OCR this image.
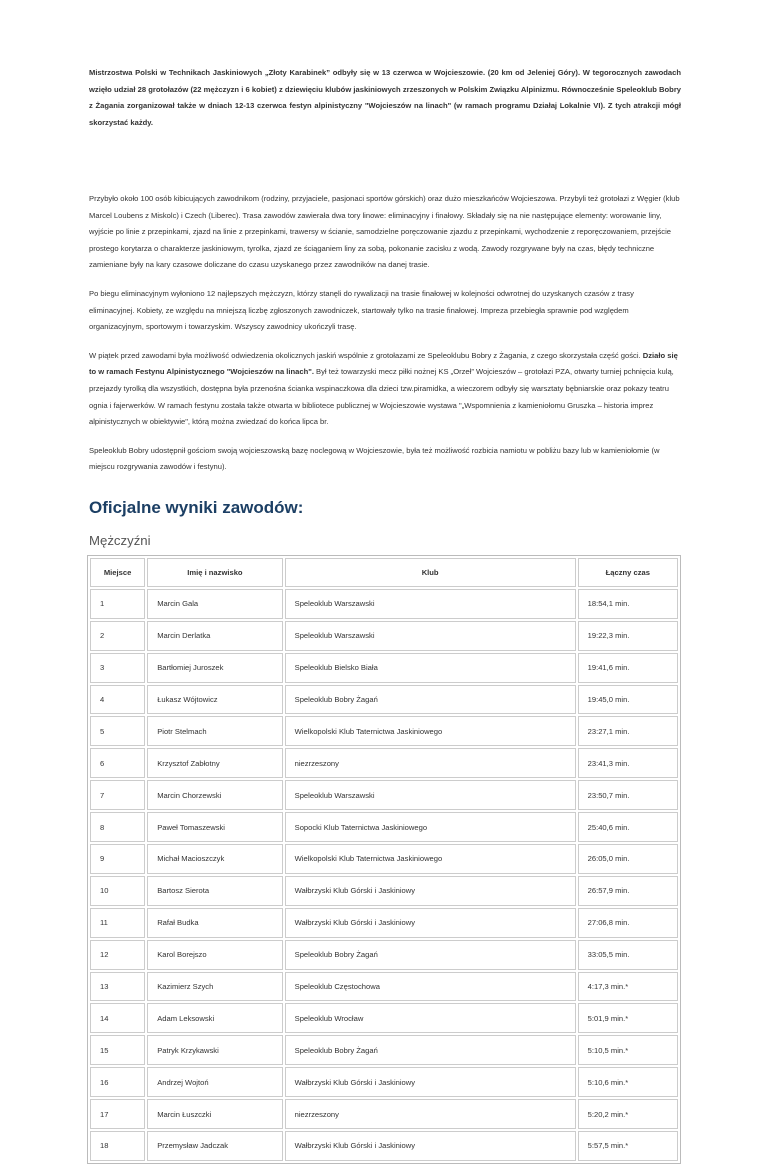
Mistrzostwa Polski w Technikach Jaskiniowych „Złoty Karabinek” odbyły się w 13 czerwca w Wojcieszowie. (20 km od Jeleniej Góry). W tegorocznych zawodach wzięło udział 28 grotołazów (22 mężczyzn i 6 kobiet) z dziewięciu klubów jaskiniowych zrzeszonych w Polskim Związku Alpinizmu. Równocześnie Speleoklub Bobry z Żagania zorganizował także w dniach 12-13 czerwca festyn alpinistyczny "Wojcieszów na linach" (w ramach programu Działaj Lokalnie VI). Z tych atrakcji mógł skorzystać każdy.

Przybyło około 100 osób kibicujących zawodnikom (rodziny, przyjaciele, pasjonaci sportów górskich) oraz dużo mieszkańców Wojcieszowa. Przybyli też grotołazi z Węgier (klub Marcel Loubens z Miskolc) i Czech (Liberec). Trasa zawodów zawierała dwa tory linowe: eliminacyjny i finałowy. Składały się na nie następujące elementy: worowanie liny, wyjście po linie z przepinkami, zjazd na linie z przepinkami, trawersy w ścianie, samodzielne poręczowanie zjazdu z przepinkami, wychodzenie z reporęczowaniem, przejście prostego korytarza o charakterze jaskiniowym, tyrolka, zjazd ze ściąganiem liny za sobą, pokonanie zacisku z wodą. Zawody rozgrywane były na czas, błędy techniczne zamieniane były na kary czasowe doliczane do czasu uzyskanego przez zawodników na danej trasie.

Po biegu eliminacyjnym wyłoniono 12 najlepszych mężczyzn, którzy stanęli do rywalizacji na trasie finałowej w kolejności odwrotnej do uzyskanych czasów z trasy eliminacyjnej. Kobiety, ze względu na mniejszą liczbę zgłoszonych zawodniczek, startowały tylko na trasie finałowej. Impreza przebiegła sprawnie pod względem organizacyjnym, sportowym i towarzyskim. Wszyscy zawodnicy ukończyli trasę.

W piątek przed zawodami była możliwość odwiedzenia okolicznych jaskiń wspólnie z grotołazami ze Speleoklubu Bobry z Żagania, z czego skorzystała część gości. Działo się to w ramach Festynu Alpinistycznego "Wojcieszów na linach". Był też towarzyski mecz piłki nożnej KS „Orzeł” Wojcieszów – grotołazi PZA, otwarty turniej pchnięcia kulą, przejazdy tyrolką dla wszystkich, dostępna była przenośna ścianka wspinaczkowa dla dzieci tzw.piramidka, a wieczorem odbyły się warsztaty bębniarskie oraz pokazy teatru ognia i fajerwerków. W ramach festynu została także otwarta w bibliotece publicznej w Wojcieszowie wystawa "„Wspomnienia z kamieniołomu Gruszka – historia imprez alpinistycznych w obiektywie", którą można zwiedzać do końca lipca br.

Speleoklub Bobry udostępnił gościom swoją wojcieszowską bazę noclegową w Wojcieszowie, była też możliwość rozbicia namiotu w pobliżu bazy lub w kamieniołomie (w miejscu rozgrywania zawodów i festynu).

Oficjalne wyniki zawodów:
Mężczyźni
Miejsce	Imię i nazwisko	Klub	Łączny czas
1	Marcin Gala	Speleoklub Warszawski	18:54,1 min.
2	Marcin Derlatka	Speleoklub Warszawski	19:22,3 min.
3	Bartłomiej Juroszek	Speleoklub Bielsko Biała	19:41,6 min.
4	Łukasz Wójtowicz	Speleoklub Bobry Żagań	19:45,0 min.
5	Piotr Stelmach	Wielkopolski Klub Taternictwa Jaskiniowego	23:27,1 min.
6	Krzysztof Zabłotny	niezrzeszony	23:41,3 min.
7	Marcin Chorzewski	Speleoklub Warszawski	23:50,7 min.
8	Paweł Tomaszewski	Sopocki Klub Taternictwa Jaskiniowego	25:40,6 min.
9	Michał Macioszczyk	Wielkopolski Klub Taternictwa Jaskiniowego	26:05,0 min.
10	Bartosz Sierota	Wałbrzyski Klub Górski i Jaskiniowy	26:57,9 min.
11	Rafał Budka	Wałbrzyski Klub Górski i Jaskiniowy	27:06,8 min.
12	Karol Borejszo	Speleoklub Bobry Żagań	33:05,5 min.
13	Kazimierz Szych	Speleoklub Częstochowa	4:17,3 min.*
14	Adam Leksowski	Speleoklub Wrocław	5:01,9 min.*
15	Patryk Krzykawski	Speleoklub Bobry Żagań	5:10,5 min.*
16	Andrzej Wojtoń	Wałbrzyski Klub Górski i Jaskiniowy	5:10,6 min.*
17	Marcin Łuszczki	niezrzeszony	5:20,2 min.*
18	Przemysław Jadczak	Wałbrzyski Klub Górski i Jaskiniowy	5:57,5 min.*
